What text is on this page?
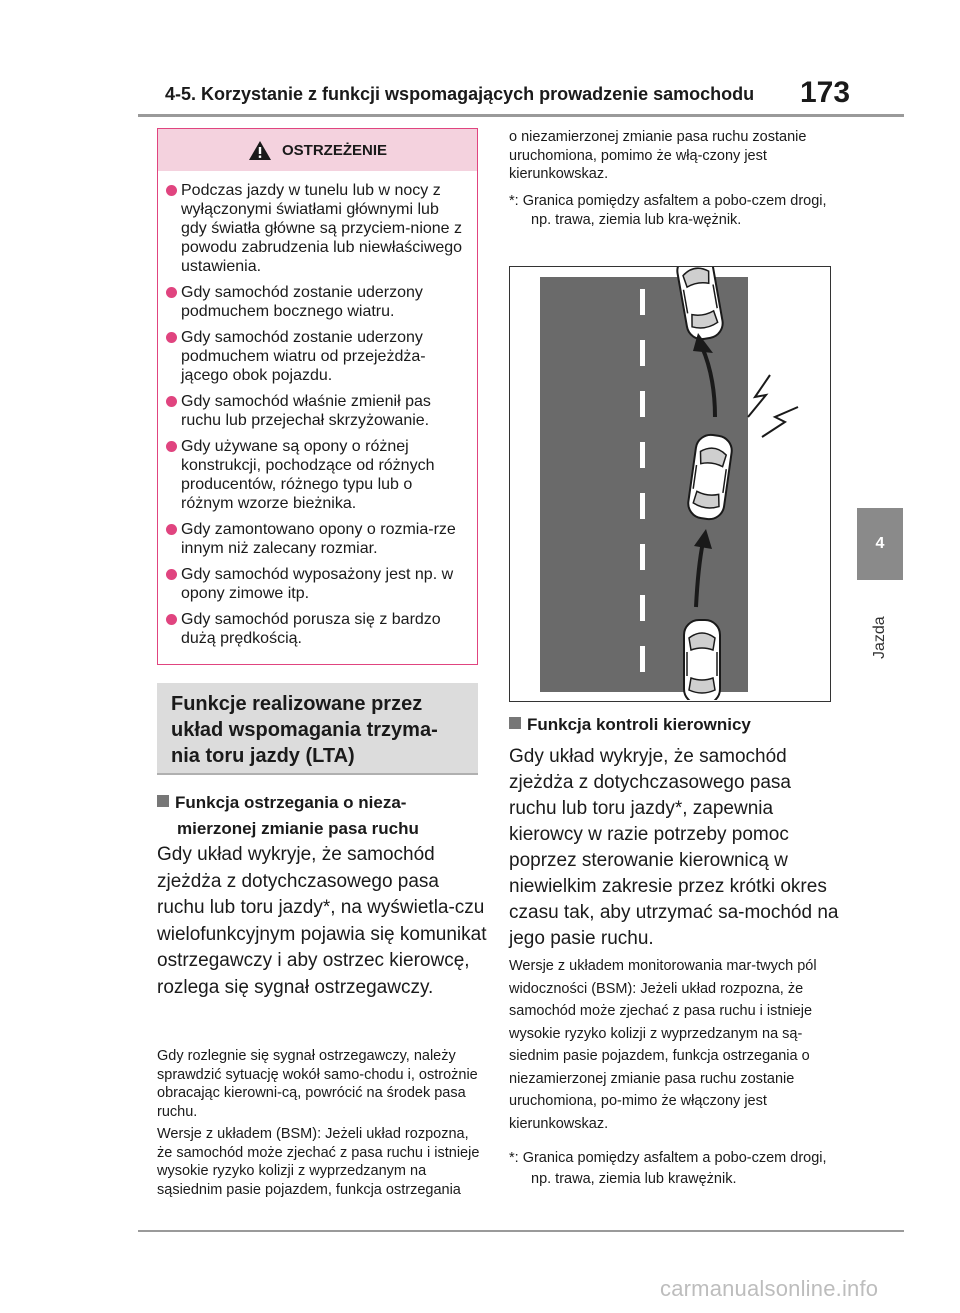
4-5. Korzystanie z funkcji wspomagających prowadzenie samochodu 173
4
Jazda
OSTRZEŻENIE
Podczas jazdy w tunelu lub w nocy z wyłączonymi światłami głównymi lub gdy światła główne są przyciem-nione z powodu zabrudzenia lub niewłaściwego ustawienia.
Gdy samochód zostanie uderzony podmuchem bocznego wiatru.
Gdy samochód zostanie uderzony podmuchem wiatru od przejeżdża-jącego obok pojazdu.
Gdy samochód właśnie zmienił pas ruchu lub przejechał skrzyżowanie.
Gdy używane są opony o różnej konstrukcji, pochodzące od różnych producentów, różnego typu lub o różnym wzorze bieżnika.
Gdy zamontowano opony o rozmia-rze innym niż zalecany rozmiar.
Gdy samochód wyposażony jest np. w opony zimowe itp.
Gdy samochód porusza się z bardzo dużą prędkością.
Funkcje realizowane przez
układ wspomagania trzyma-
nia toru jazdy (LTA)
Funkcja ostrzegania o nieza-
mierzonej zmianie pasa ruchu
Gdy układ wykryje, że samochód zjeżdża z dotychczasowego pasa ruchu lub toru jazdy*, na wyświetla-czu wielofunkcyjnym pojawia się komunikat ostrzegawczy i aby ostrzec kierowcę, rozlega się sygnał ostrzegawczy.
Gdy rozlegnie się sygnał ostrzegawczy, należy sprawdzić sytuację wokół samo-chodu i, ostrożnie obracając kierowni-cą, powrócić na środek pasa ruchu.
Wersje z układem (BSM): Jeżeli układ rozpozna, że samochód może zjechać z pasa ruchu i istnieje wysokie ryzyko kolizji z wyprzedzanym na sąsiednim pasie pojazdem, funkcja ostrzegania
o niezamierzonej zmianie pasa ruchu zostanie uruchomiona, pomimo że włą-czony jest kierunkowskaz.
*: Granica pomiędzy asfaltem a pobo-czem drogi, np. trawa, ziemia lub kra-wężnik.
Funkcja kontroli kierownicy
Gdy układ wykryje, że samochód zjeżdża z dotychczasowego pasa ruchu lub toru jazdy*, zapewnia kierowcy w razie potrzeby pomoc poprzez sterowanie kierownicą w niewielkim zakresie przez krótki okres czasu tak, aby utrzymać sa-mochód na jego pasie ruchu.
Wersje z układem monitorowania mar-twych pól widoczności (BSM): Jeżeli układ rozpozna, że samochód może zjechać z pasa ruchu i istnieje wysokie ryzyko kolizji z wyprzedzanym na są-siednim pasie pojazdem, funkcja ostrzegania o niezamierzonej zmianie pasa ruchu zostanie uruchomiona, po-mimo że włączony jest kierunkowskaz.
*: Granica pomiędzy asfaltem a pobo-czem drogi, np. trawa, ziemia lub krawężnik.
carmanualsonline.info
